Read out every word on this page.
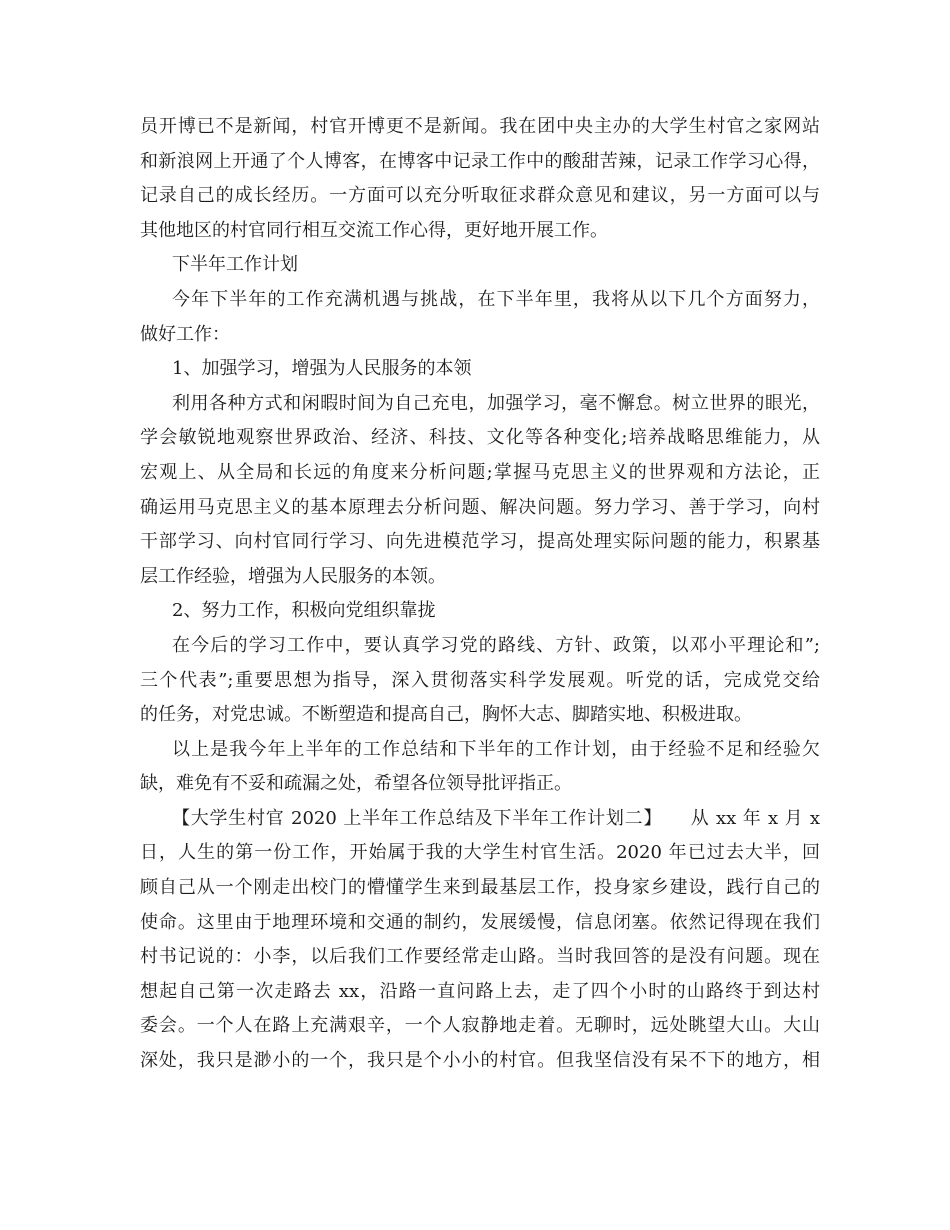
员开博已不是新闻，村官开博更不是新闻。我在团中央主办的大学生村官之家网站
和新浪网上开通了个人博客，在博客中记录工作中的酸甜苦辣，记录工作学习心得，
记录自己的成长经历。一方面可以充分听取征求群众意见和建议，另一方面可以与
其他地区的村官同行相互交流工作心得，更好地开展工作。
下半年工作计划
今年下半年的工作充满机遇与挑战，在下半年里，我将从以下几个方面努力，
做好工作：
1、加强学习，增强为人民服务的本领
利用各种方式和闲暇时间为自己充电，加强学习，毫不懈怠。树立世界的眼光，
学会敏锐地观察世界政治、经济、科技、文化等各种变化;培养战略思维能力，从
宏观上、从全局和长远的角度来分析问题;掌握马克思主义的世界观和方法论，正
确运用马克思主义的基本原理去分析问题、解决问题。努力学习、善于学习，向村
干部学习、向村官同行学习、向先进模范学习，提高处理实际问题的能力，积累基
层工作经验，增强为人民服务的本领。
2、努力工作，积极向党组织靠拢
在今后的学习工作中，要认真学习党的路线、方针、政策，以邓小平理论和”;
三个代表”;重要思想为指导，深入贯彻落实科学发展观。听党的话，完成党交给
的任务，对党忠诚。不断塑造和提高自己，胸怀大志、脚踏实地、积极进取。
以上是我今年上半年的工作总结和下半年的工作计划，由于经验不足和经验欠
缺，难免有不妥和疏漏之处，希望各位领导批评指正。
【大学生村官 2020 上半年工作总结及下半年工作计划二】　　从 xx 年 x 月 x
日，人生的第一份工作，开始属于我的大学生村官生活。2020 年已过去大半，回
顾自己从一个刚走出校门的懵懂学生来到最基层工作，投身家乡建设，践行自己的
使命。这里由于地理环境和交通的制约，发展缓慢，信息闭塞。依然记得现在我们
村书记说的：小李，以后我们工作要经常走山路。当时我回答的是没有问题。现在
想起自己第一次走路去 xx，沿路一直问路上去，走了四个小时的山路终于到达村
委会。一个人在路上充满艰辛，一个人寂静地走着。无聊时，远处眺望大山。大山
深处，我只是渺小的一个，我只是个小小的村官。但我坚信没有呆不下的地方，相
